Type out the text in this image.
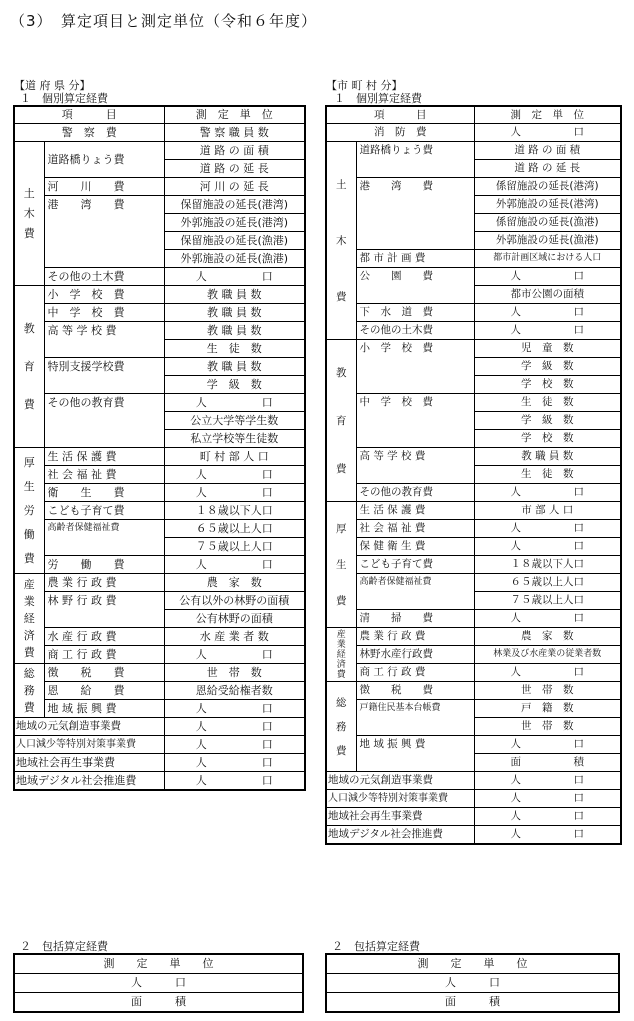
（3）　算定項目と測定単位（令和６年度）
【道 府 県 分】
１　個別算定経費
項　　　目		測　定　単　位
警　察　費		警 察 職 員 数

土木費	道路橋りょう費	道 路 の 面 積
		道 路 の 延 長
	河　　川　　費	河 川 の 延 長
	港　　湾　　費	保留施設の延長(港湾)
		外郭施設の延長(港湾)
		保留施設の延長(漁港)
		外郭施設の延長(漁港)
	その他の土木費	人　　　　　口

教育費	小　学　校　費	教 職 員 数
	中　学　校　費	教 職 員 数
	高 等 学 校 費	教 職 員 数
		生　徒　数
	特別支援学校費	教 職 員 数
		学　級　数
	その他の教育費	人　　　　　口
		公立大学等学生数
		私立学校等生徒数

厚生労働費	生 活 保 護 費	町 村 部 人 口
	社 会 福 祉 費	人　　　　　口
	衛　　生　　費	人　　　　　口
	こども子育て費	１８歳以下人口
	高齢者保健福祉費	６５歳以上人口
		７５歳以上人口
	労　　働　　費	人　　　　　口

産業経済費	農 業 行 政 費	農　家　数
	林 野 行 政 費	公有以外の林野の面積
		公有林野の面積
	水 産 行 政 費	水 産 業 者 数
	商 工 行 政 費	人　　　　　口

総務費	徴　　税　　費	世　帯　数
	恩　　給　　費	恩給受給権者数
	地 域 振 興 費	人　　　　　口
地域の元気創造事業費		人　　　　　口
人口減少等特別対策事業費		人　　　　　口
地域社会再生事業費		人　　　　　口
地域デジタル社会推進費		人　　　　　口
【市 町 村 分】
１　個別算定経費
項　　　目		測　定　単　位
消　防　費		人　　　　　口

土木費	道路橋りょう費	道 路 の 面 積
		道 路 の 延 長
	港　　湾　　費	係留施設の延長(港湾)
		外郭施設の延長(港湾)
		係留施設の延長(漁港)
		外郭施設の延長(漁港)
	都 市 計 画 費	都市計画区域における人口
	公　　園　　費	人　　　　　口
		都市公園の面積
	下　水　道　費	人　　　　　口
	その他の土木費	人　　　　　口

教育費	小　学　校　費	児　童　数
		学　級　数
		学　校　数
	中　学　校　費	生　徒　数
		学　級　数
		学　校　数
	高 等 学 校 費	教 職 員 数
		生　徒　数
	その他の教育費	人　　　　　口

厚生費	生 活 保 護 費	市 部 人 口
	社 会 福 祉 費	人　　　　　口
	保 健 衛 生 費	人　　　　　口
	こども子育て費	１８歳以下人口
	高齢者保健福祉費	６５歳以上人口
		７５歳以上人口
	清　　掃　　費	人　　　　　口

産業経済費	農 業 行 政 費	農　家　数
	林野水産行政費	林業及び水産業の従業者数
	商 工 行 政 費	人　　　　　口

総務費	徴　　税　　費	世　帯　数
	戸籍住民基本台帳費	戸　籍　数
		世　帯　数
	地 域 振 興 費	人　　　　　口
		面　　　　　積
地域の元気創造事業費		人　　　　　口
人口減少等特別対策事業費		人　　　　　口
地域社会再生事業費		人　　　　　口
地域デジタル社会推進費		人　　　　　口
２　包括算定経費
測　　定　　単　　位
人　　　口
面　　　積
２　包括算定経費
測　　定　　単　　位
人　　　口
面　　　積
